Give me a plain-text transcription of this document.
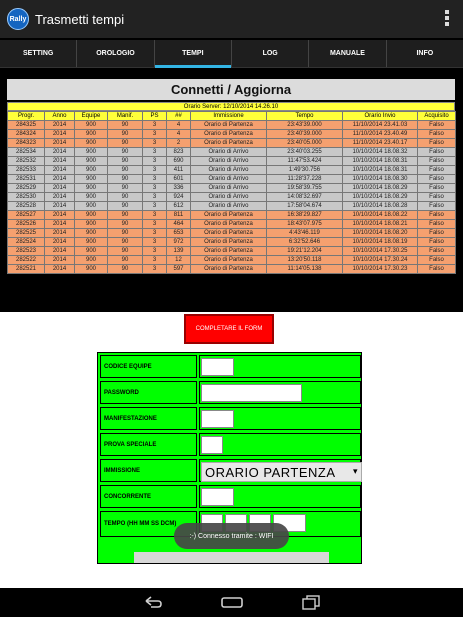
Rally Trasmetti tempi
SETTING	OROLOGIO	TEMPI	LOG	MANUALE	INFO
Connetti / Aggiorna
Orario Server: 12/10/2014 14.26.10
Progr.	Anno	Equipe	Manif.	PS	##	Immissione	Tempo	Orario Invio	Acquisito
284325	2014	900	90	3	4	Orario di Partenza	23:43'39.000	11/10/2014 23.41.03	Falso
284324	2014	900	90	3	4	Orario di Partenza	23:40'39.000	11/10/2014 23.40.49	Falso
284323	2014	900	90	3	2	Orario di Partenza	23:40'05.000	11/10/2014 23.40.17	Falso
282534	2014	900	90	3	823	Orario di Arrivo	23:40'03.255	10/10/2014 18.08.32	Falso
282532	2014	900	90	3	690	Orario di Arrivo	11:47'53.424	10/10/2014 18.08.31	Falso
282533	2014	900	90	3	411	Orario di Arrivo	1:49'30.756	10/10/2014 18.08.31	Falso
282531	2014	900	90	3	601	Orario di Arrivo	11:28'37.228	10/10/2014 18.08.30	Falso
282529	2014	900	90	3	336	Orario di Arrivo	19:58'39.755	10/10/2014 18.08.29	Falso
282530	2014	900	90	3	924	Orario di Arrivo	14:08'32.697	10/10/2014 18.08.29	Falso
282528	2014	900	90	3	612	Orario di Arrivo	17:58'04.674	10/10/2014 18.08.28	Falso
282527	2014	900	90	3	811	Orario di Partenza	16:38'29.827	10/10/2014 18.08.22	Falso
282526	2014	900	90	3	464	Orario di Partenza	18:43'07.975	10/10/2014 18.08.21	Falso
282525	2014	900	90	3	653	Orario di Partenza	4:43'46.119	10/10/2014 18.08.20	Falso
282524	2014	900	90	3	972	Orario di Partenza	6:32'52.646	10/10/2014 18.08.19	Falso
282523	2014	900	90	3	139	Orario di Partenza	19:21'12.204	10/10/2014 17.30.25	Falso
282522	2014	900	90	3	12	Orario di Partenza	13:20'50.118	10/10/2014 17.30.24	Falso
282521	2014	900	90	3	597	Orario di Partenza	11:14'05.138	10/10/2014 17.30.23	Falso
COMPLETARE IL FORM
CODICE EQUIPE
PASSWORD
MANIFESTAZIONE
PROVA SPECIALE
IMMISSIONE	ORARIO PARTENZA ▾
CONCORRENTE
TEMPO (HH MM SS DCM)
:-) Connesso tramite : WIFI
